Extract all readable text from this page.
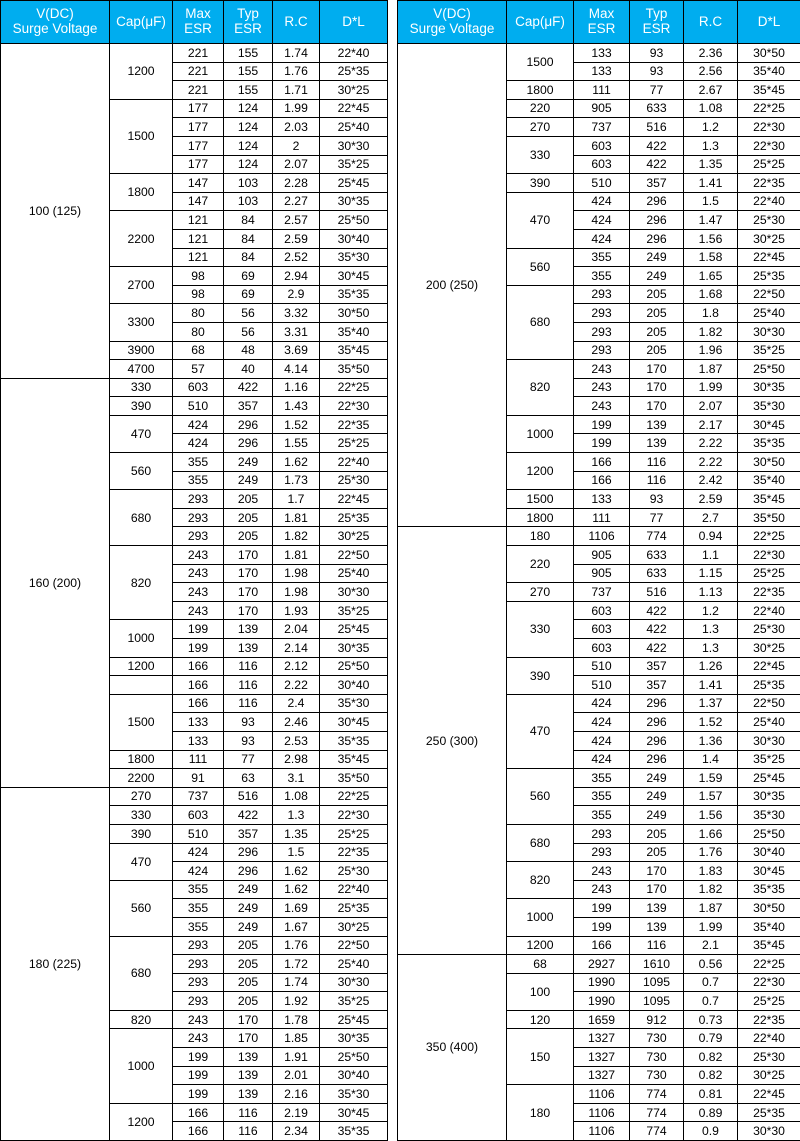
V(DC)
Surge Voltage	Cap(μF)	Max
ESR	Typ
ESR	R.C	D*L
100 (125)	1200	221	155	1.74	22*40
		221	155	1.76	25*35
		221	155	1.71	30*25
	1500	177	124	1.99	22*45
		177	124	2.03	25*40
		177	124	2	30*30
		177	124	2.07	35*25
	1800	147	103	2.28	25*45
		147	103	2.27	30*35
	2200	121	84	2.57	25*50
		121	84	2.59	30*40
		121	84	2.52	35*30
	2700	98	69	2.94	30*45
		98	69	2.9	35*35
	3300	80	56	3.32	30*50
		80	56	3.31	35*40
	3900	68	48	3.69	35*45
	4700	57	40	4.14	35*50
160 (200)	330	603	422	1.16	22*25
	390	510	357	1.43	22*30
	470	424	296	1.52	22*35
		424	296	1.55	25*25
	560	355	249	1.62	22*40
		355	249	1.73	25*30
	680	293	205	1.7	22*45
		293	205	1.81	25*35
		293	205	1.82	30*25
	820	243	170	1.81	22*50
		243	170	1.98	25*40
		243	170	1.98	30*30
		243	170	1.93	35*25
	1000	199	139	2.04	25*45
		199	139	2.14	30*35
	1200	166	116	2.12	25*50
		166	116	2.22	30*40
	1500	166	116	2.4	35*30
		133	93	2.46	30*45
		133	93	2.53	35*35
	1800	111	77	2.98	35*45
	2200	91	63	3.1	35*50
180 (225)	270	737	516	1.08	22*25
	330	603	422	1.3	22*30
	390	510	357	1.35	25*25
	470	424	296	1.5	22*35
		424	296	1.62	25*30
	560	355	249	1.62	22*40
		355	249	1.69	25*35
		355	249	1.67	30*25
	680	293	205	1.76	22*50
		293	205	1.72	25*40
		293	205	1.74	30*30
		293	205	1.92	35*25
	820	243	170	1.78	25*45
	1000	243	170	1.85	30*35
		199	139	1.91	25*50
		199	139	2.01	30*40
		199	139	2.16	35*30
	1200	166	116	2.19	30*45
		166	116	2.34	35*35
V(DC)
Surge Voltage	Cap(μF)	Max
ESR	Typ
ESR	R.C	D*L
200 (250)	1500	133	93	2.36	30*50
		133	93	2.56	35*40
	1800	111	77	2.67	35*45
	220	905	633	1.08	22*25
	270	737	516	1.2	22*30
	330	603	422	1.3	22*30
		603	422	1.35	25*25
	390	510	357	1.41	22*35
	470	424	296	1.5	22*40
		424	296	1.47	25*30
		424	296	1.56	30*25
	560	355	249	1.58	22*45
		355	249	1.65	25*35
	680	293	205	1.68	22*50
		293	205	1.8	25*40
		293	205	1.82	30*30
		293	205	1.96	35*25
	820	243	170	1.87	25*50
		243	170	1.99	30*35
		243	170	2.07	35*30
	1000	199	139	2.17	30*45
		199	139	2.22	35*35
	1200	166	116	2.22	30*50
		166	116	2.42	35*40
	1500	133	93	2.59	35*45
	1800	111	77	2.7	35*50
250 (300)	180	1106	774	0.94	22*25
	220	905	633	1.1	22*30
		905	633	1.15	25*25
	270	737	516	1.13	22*35
	330	603	422	1.2	22*40
		603	422	1.3	25*30
		603	422	1.3	30*25
	390	510	357	1.26	22*45
		510	357	1.41	25*35
	470	424	296	1.37	22*50
		424	296	1.52	25*40
		424	296	1.36	30*30
		424	296	1.4	35*25
	560	355	249	1.59	25*45
		355	249	1.57	30*35
		355	249	1.56	35*30
	680	293	205	1.66	25*50
		293	205	1.76	30*40
	820	243	170	1.83	30*45
		243	170	1.82	35*35
	1000	199	139	1.87	30*50
		199	139	1.99	35*40
	1200	166	116	2.1	35*45
350 (400)	68	2927	1610	0.56	22*25
	100	1990	1095	0.7	22*30
		1990	1095	0.7	25*25
	120	1659	912	0.73	22*35
	150	1327	730	0.79	22*40
		1327	730	0.82	25*30
		1327	730	0.82	30*25
	180	1106	774	0.81	22*45
		1106	774	0.89	25*35
		1106	774	0.9	30*30
